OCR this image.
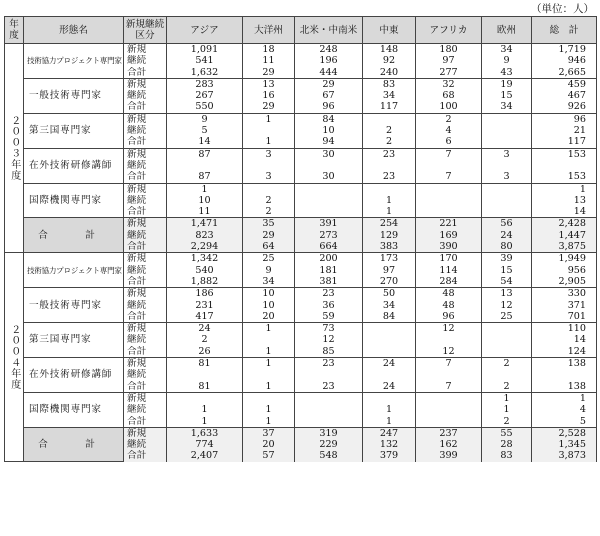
（単位：人）
年度	形態名	新規継続区分	アジア	大洋州	北米・中南米	中東	アフリカ	欧州	総　計
２００３年度	技術協力プロジェクト専門家	新規	1,091	18	248	148	180	34	1,719
		継続	541	11	196	92	97	9	946
		合計	1,632	29	444	240	277	43	2,665
	一般技術専門家	新規	283	13	29	83	32	19	459
		継続	267	16	67	34	68	15	467
		合計	550	29	96	117	100	34	926
	第三国専門家	新規	9	1	84		2		96
		継続	5		10	2	4		21
		合計	14	1	94	2	6		117
	在外技術研修講師	新規	87	3	30	23	7	3	153
		継続							
		合計	87	3	30	23	7	3	153
	国際機関専門家	新規	1						1
		継続	10	2		1			13
		合計	11	2		1			14
	合　計	新規	1,471	35	391	254	221	56	2,428
		継続	823	29	273	129	169	24	1,447
		合計	2,294	64	664	383	390	80	3,875
２００４年度	技術協力プロジェクト専門家	新規	1,342	25	200	173	170	39	1,949
		継続	540	9	181	97	114	15	956
		合計	1,882	34	381	270	284	54	2,905
	一般技術専門家	新規	186	10	23	50	48	13	330
		継続	231	10	36	34	48	12	371
		合計	417	20	59	84	96	25	701
	第三国専門家	新規	24	1	73		12		110
		継続	2		12				14
		合計	26	1	85		12		124
	在外技術研修講師	新規	81	1	23	24	7	2	138
		継続							
		合計	81	1	23	24	7	2	138
	国際機関専門家	新規						1	1
		継続	1	1		1		1	4
		合計	1	1		1		2	5
	合　計	新規	1,633	37	319	247	237	55	2,528
		継続	774	20	229	132	162	28	1,345
		合計	2,407	57	548	379	399	83	3,873
